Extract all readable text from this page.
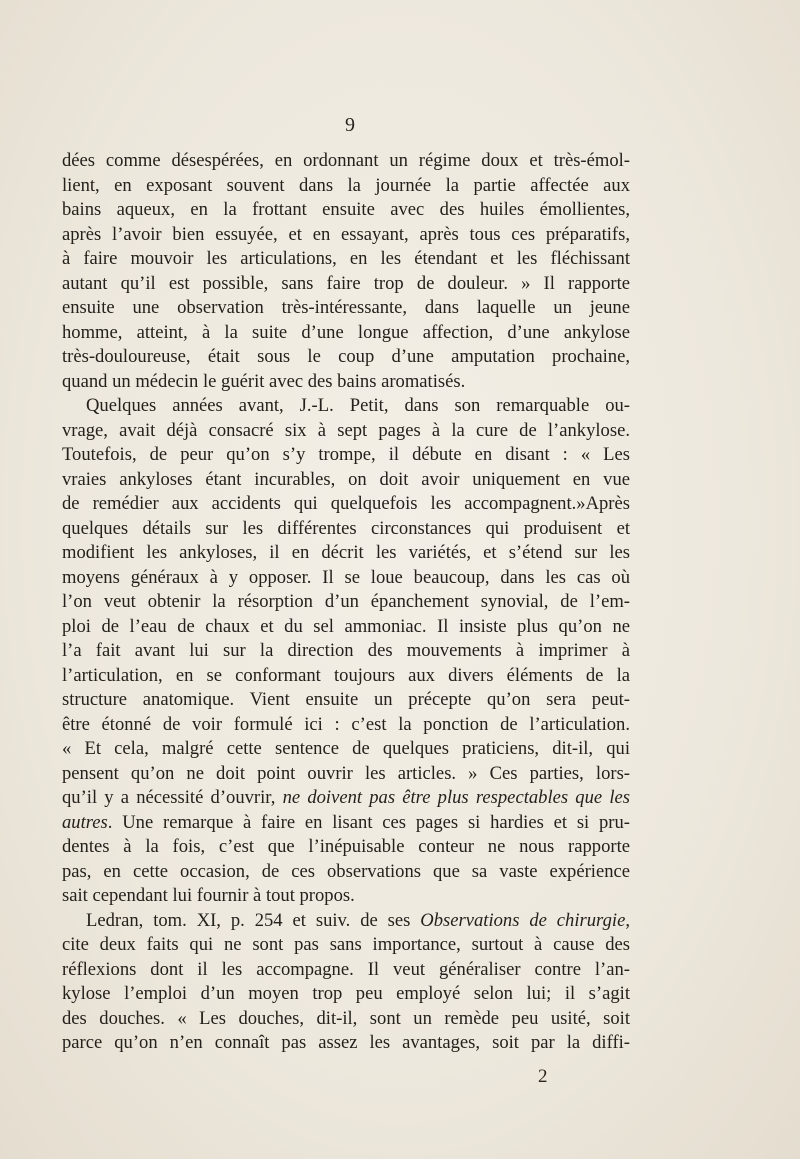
9
dées comme désespérées, en ordonnant un régime doux et très-émol-
lient, en exposant souvent dans la journée la partie affectée aux
bains aqueux, en la frottant ensuite avec des huiles émollientes,
après l’avoir bien essuyée, et en essayant, après tous ces préparatifs,
à faire mouvoir les articulations, en les étendant et les fléchissant
autant qu’il est possible, sans faire trop de douleur. » Il rapporte
ensuite une observation très-intéressante, dans laquelle un jeune
homme, atteint, à la suite d’une longue affection, d’une ankylose
très-douloureuse, était sous le coup d’une amputation prochaine,
quand un médecin le guérit avec des bains aromatisés.
Quelques années avant, J.-L. Petit, dans son remarquable ou-
vrage, avait déjà consacré six à sept pages à la cure de l’ankylose.
Toutefois, de peur qu’on s’y trompe, il débute en disant : « Les
vraies ankyloses étant incurables, on doit avoir uniquement en vue
de remédier aux accidents qui quelquefois les accompagnent.»Après
quelques détails sur les différentes circonstances qui produisent et
modifient les ankyloses, il en décrit les variétés, et s’étend sur les
moyens généraux à y opposer. Il se loue beaucoup, dans les cas où
l’on veut obtenir la résorption d’un épanchement synovial, de l’em-
ploi de l’eau de chaux et du sel ammoniac. Il insiste plus qu’on ne
l’a fait avant lui sur la direction des mouvements à imprimer à
l’articulation, en se conformant toujours aux divers éléments de la
structure anatomique. Vient ensuite un précepte qu’on sera peut-
être étonné de voir formulé ici : c’est la ponction de l’articulation.
« Et cela, malgré cette sentence de quelques praticiens, dit-il, qui
pensent qu’on ne doit point ouvrir les articles. » Ces parties, lors-
qu’il y a nécessité d’ouvrir, ne doivent pas être plus respectables que les
autres. Une remarque à faire en lisant ces pages si hardies et si pru-
dentes à la fois, c’est que l’inépuisable conteur ne nous rapporte
pas, en cette occasion, de ces observations que sa vaste expérience
sait cependant lui fournir à tout propos.
Ledran, tom. XI, p. 254 et suiv. de ses Observations de chirurgie,
cite deux faits qui ne sont pas sans importance, surtout à cause des
réflexions dont il les accompagne. Il veut généraliser contre l’an-
kylose l’emploi d’un moyen trop peu employé selon lui; il s’agit
des douches. « Les douches, dit-il, sont un remède peu usité, soit
parce qu’on n’en connaît pas assez les avantages, soit par la diffi-
2
